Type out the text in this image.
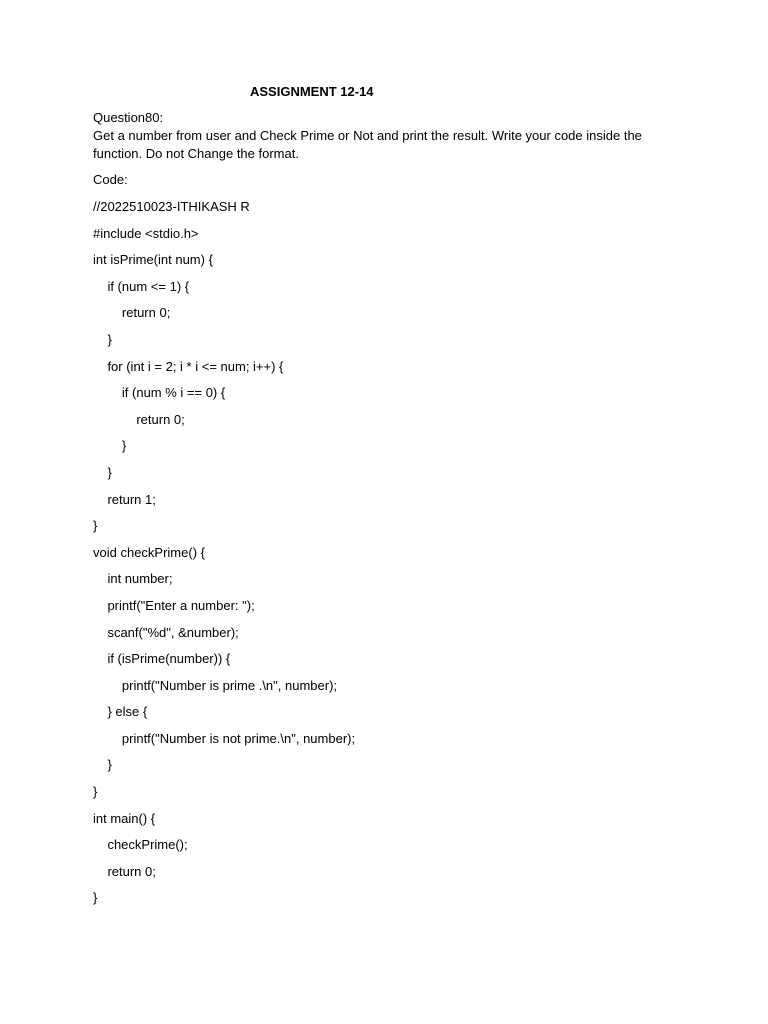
ASSIGNMENT 12-14
Question80:
Get a number from user and Check Prime or Not and print the result. Write your code inside the function. Do not Change the format.
Code:
//2022510023-ITHIKASH R
#include <stdio.h>
int isPrime(int num) {
if (num <= 1) {
return 0;
}
for (int i = 2; i * i <= num; i++) {
if (num % i == 0) {
return 0;
}
}
return 1;
}
void checkPrime() {
int number;
printf("Enter a number: ");
scanf("%d", &number);
if (isPrime(number)) {
printf("Number is prime .\n", number);
} else {
printf("Number is not prime.\n", number);
}
}
int main() {
checkPrime();
return 0;
}
